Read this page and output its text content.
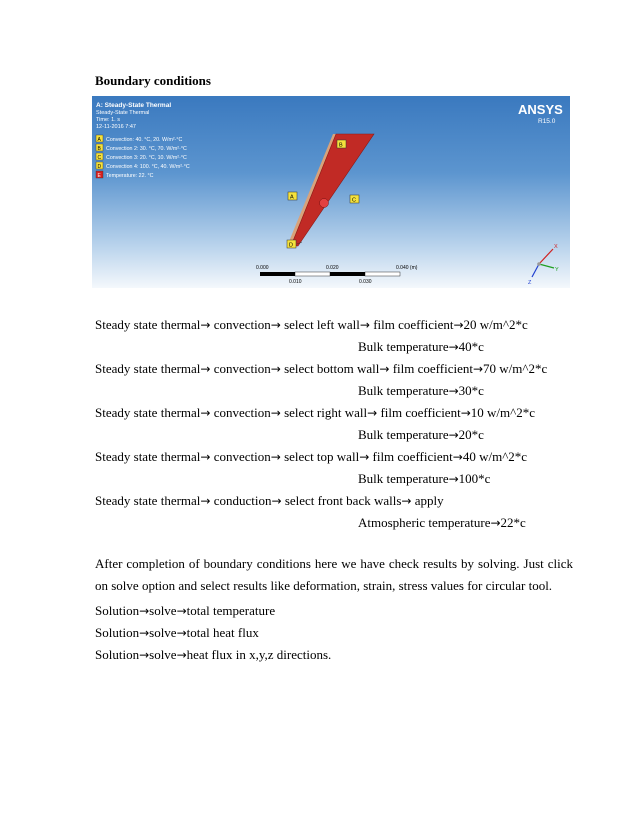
Boundary conditions
A: Steady-State Thermal
Steady-State Thermal
Time: 1. s
12-11-2016 7:47
A Convection: 40. °C, 20. W/m²·°C
B Convection 2: 30. °C, 70. W/m²·°C
C Convection 3: 20. °C, 10. W/m²·°C
D Convection 4: 100. °C, 40. W/m²·°C
E Temperature: 22. °C
ANSYS
R15.0
B
A	C
D
0.000	0.020	0.040 (m)
0.010	0.030
X
Y
Z
Steady state thermal→ convection→ select left wall→ film coefficient→20 w/m^2*c
Bulk temperature→40*c
Steady state thermal→ convection→ select bottom wall→ film coefficient→70 w/m^2*c
Bulk temperature→30*c
Steady state thermal→ convection→ select right wall→ film coefficient→10 w/m^2*c
Bulk temperature→20*c
Steady state thermal→ convection→ select top wall→ film coefficient→40 w/m^2*c
Bulk temperature→100*c
Steady state thermal→ conduction→ select front back walls→ apply
Atmospheric temperature→22*c
After completion of boundary conditions here we have check results by solving. Just click on solve option and select results like deformation, strain, stress values for circular tool.
Solution→solve→total temperature
Solution→solve→total heat flux
Solution→solve→heat flux in x,y,z directions.
